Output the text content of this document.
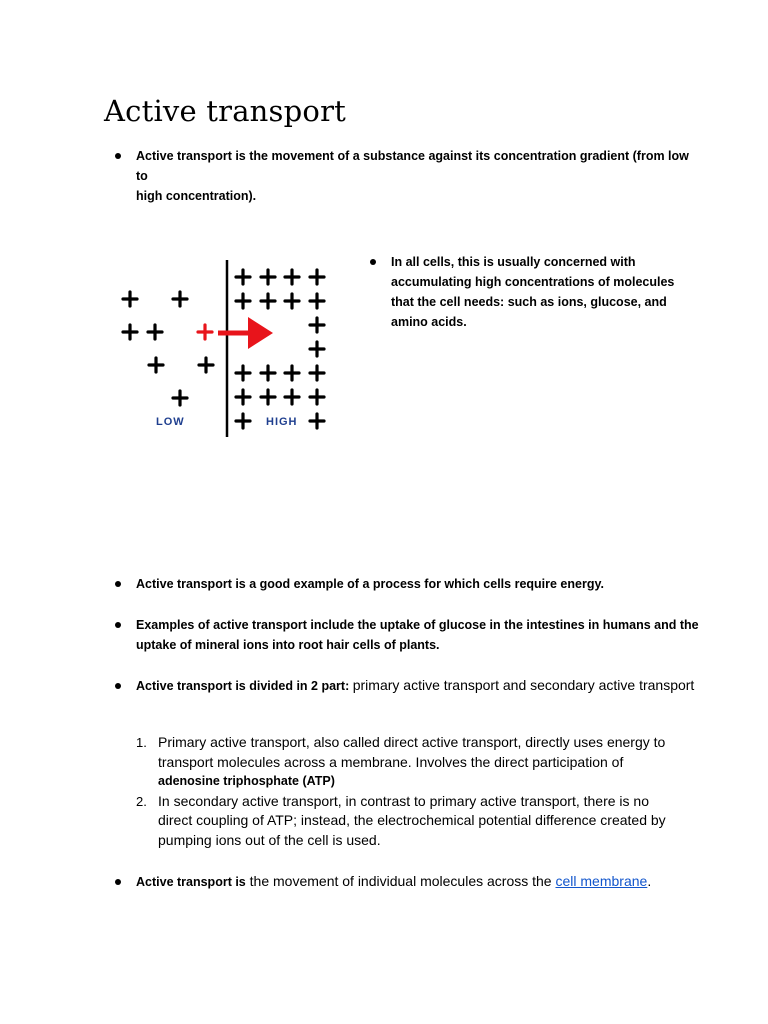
Active transport
Active transport is the movement of a substance against its concentration gradient (from low to
high concentration).
In all cells, this is usually concerned with
accumulating high concentrations of molecules
that the cell needs: such as ions, glucose, and
amino acids.
LOW	HIGH
Active transport is a good example of a process for which cells require energy.
Examples of active transport include the uptake of glucose in the intestines in humans and the
uptake of mineral ions into root hair cells of plants.
Active transport is divided in 2 part: primary active transport and secondary active transport
1. Primary active transport, also called direct active transport, directly uses energy to
transport molecules across a membrane. Involves the direct participation of
adenosine triphosphate (ATP)
2. In secondary active transport, in contrast to primary active transport, there is no
direct coupling of ATP; instead, the electrochemical potential difference created by
pumping ions out of the cell is used.
Active transport is the movement of individual molecules across the cell membrane.
